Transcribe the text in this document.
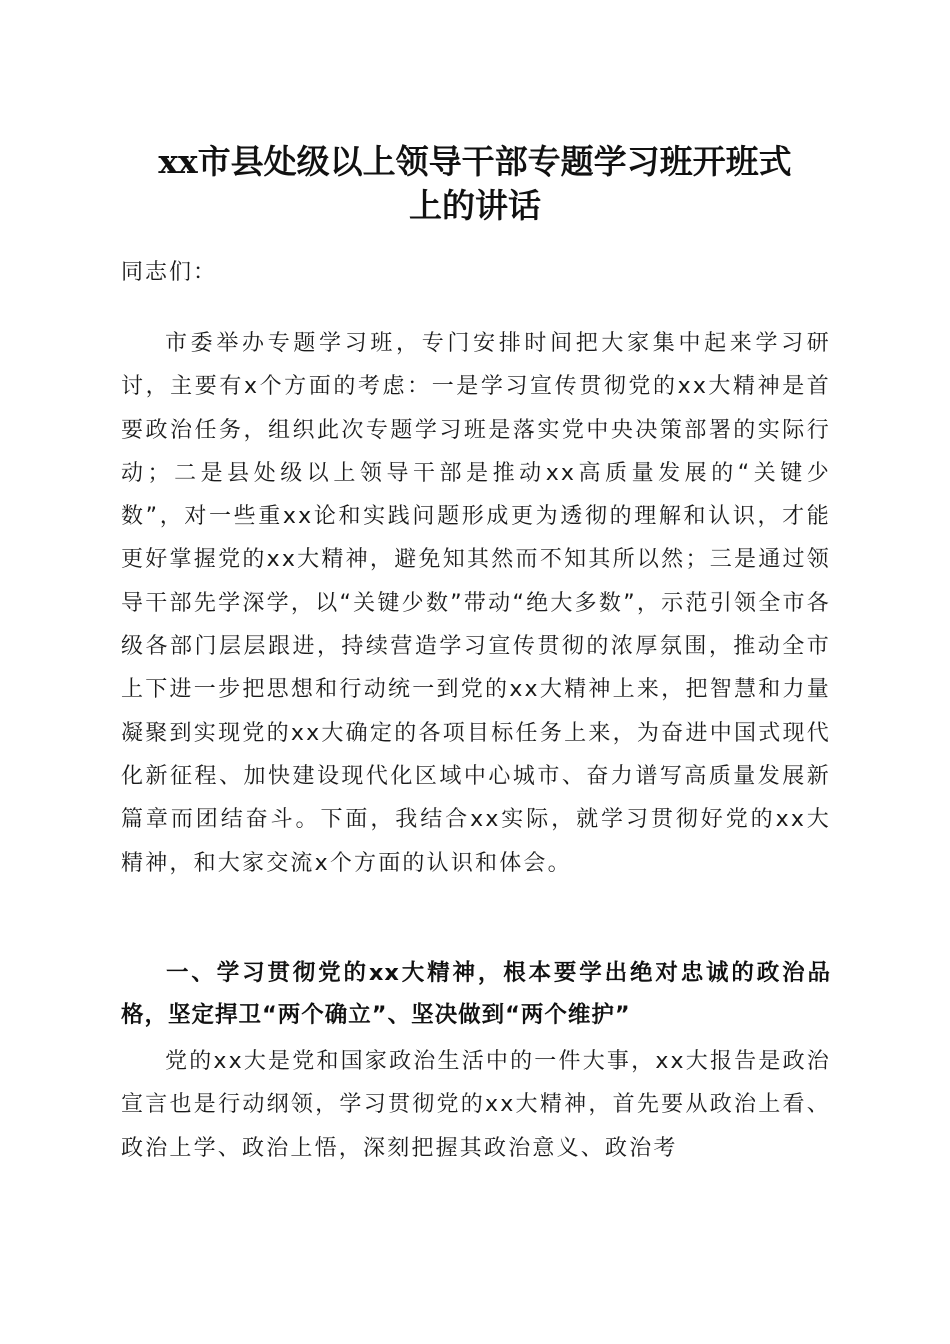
xx市县处级以上领导干部专题学习班开班式
上的讲话
同志们：

市委举办专题学习班，专门安排时间把大家集中起来学习研讨，主要有x个方面的考虑：一是学习宣传贯彻党的xx大精神是首要政治任务，组织此次专题学习班是落实党中央决策部署的实际行动；二是县处级以上领导干部是推动xx高质量发展的“关键少数”，对一些重xx论和实践问题形成更为透彻的理解和认识，才能更好掌握党的xx大精神，避免知其然而不知其所以然；三是通过领导干部先学深学，以“关键少数”带动“绝大多数”，示范引领全市各级各部门层层跟进，持续营造学习宣传贯彻的浓厚氛围，推动全市上下进一步把思想和行动统一到党的xx大精神上来，把智慧和力量凝聚到实现党的xx大确定的各项目标任务上来，为奋进中国式现代化新征程、加快建设现代化区域中心城市、奋力谱写高质量发展新篇章而团结奋斗。下面，我结合xx实际，就学习贯彻好党的xx大精神，和大家交流x个方面的认识和体会。

一、学习贯彻党的xx大精神，根本要学出绝对忠诚的政治品格，坚定捍卫“两个确立”、坚决做到“两个维护”

党的xx大是党和国家政治生活中的一件大事，xx大报告是政治宣言也是行动纲领，学习贯彻党的xx大精神，首先要从政治上看、政治上学、政治上悟，深刻把握其政治意义、政治考
